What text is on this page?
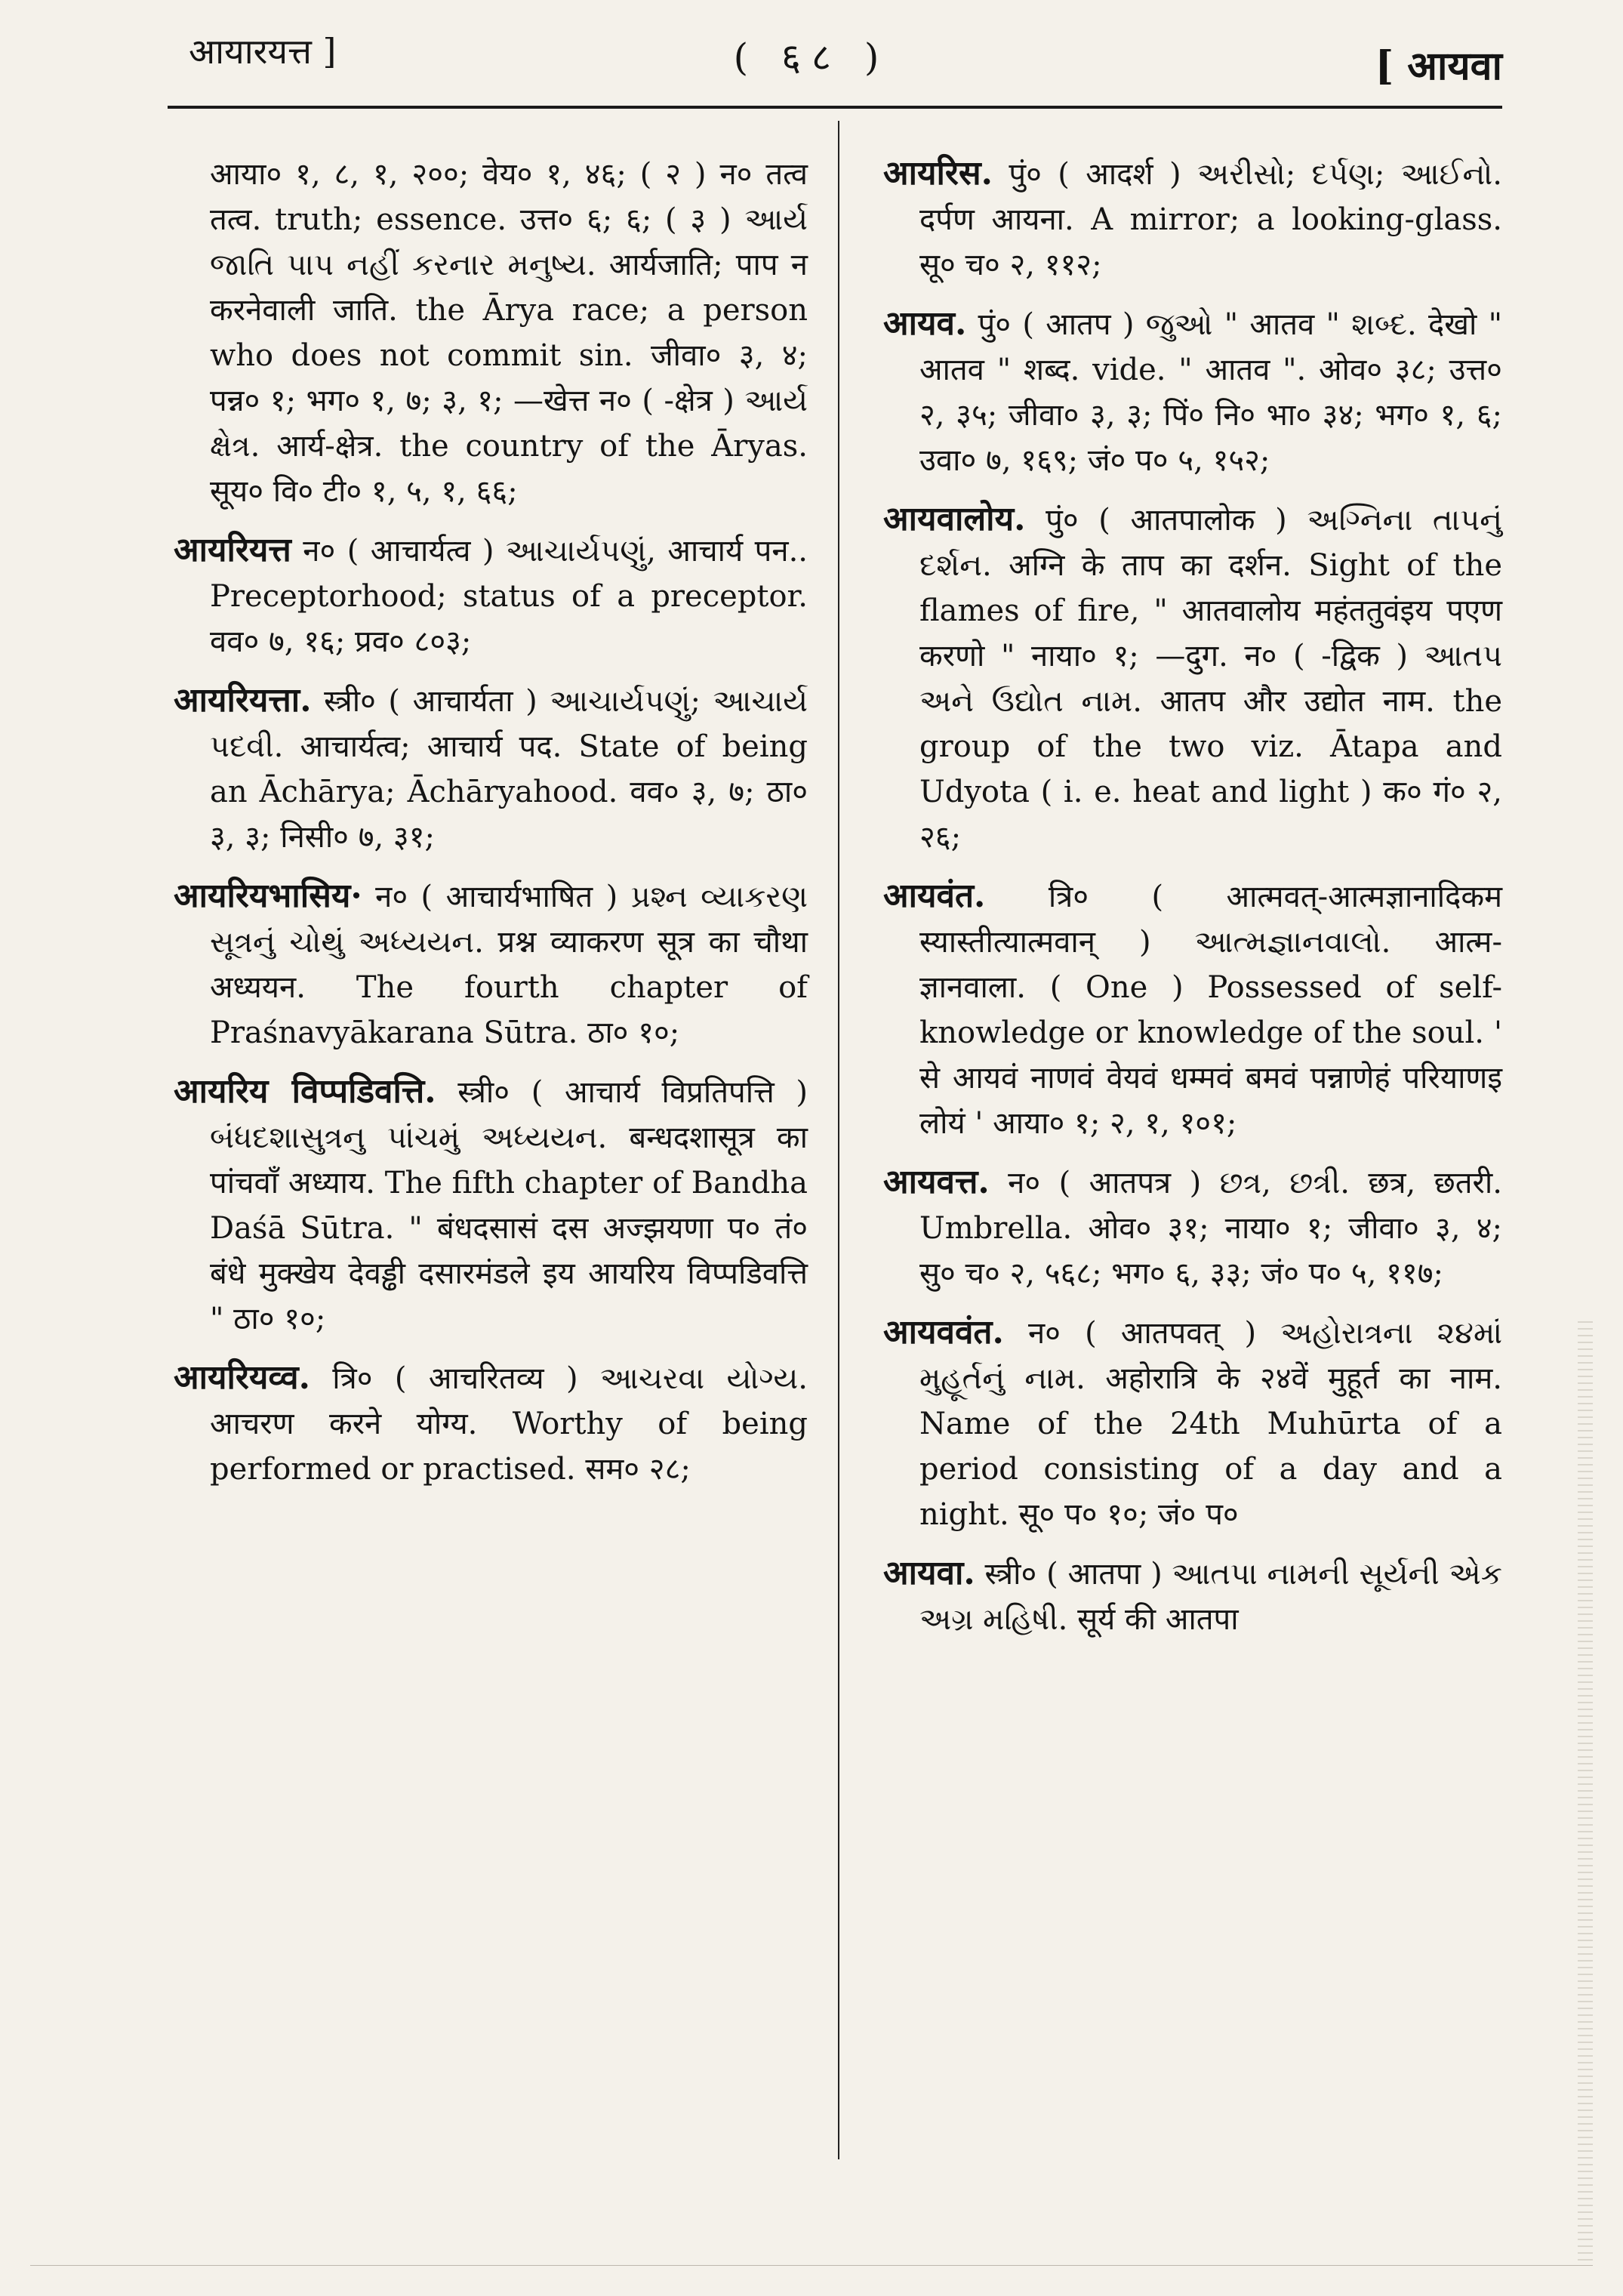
आयारयत्त ]	( ६८ )	[ आयवा

आया० १, ८, १, २००; वेय० १, ४६; ( २ ) न० तत्व तत्व. truth; essence. उत्त० ६; ६; ( ३ ) આર્ય જાતિ પાપ નહીં કરનાર મનુષ્ય. आर्यजाति; पाप न करनेवाली जाति. the Ārya race; a person who does not commit sin. जीवा० ३, ४; पन्न० १; भग० १, ७; ३, १; —खेत्त न० ( -क्षेत्र ) આર્ય ક્ષેત્ર. आर्य-क्षेत्र. the country of the Āryas. सूय० वि० टी० १, ५, १, ६६;

आयरियत्त न० ( आचार्यत्व ) આચાર્યપણું, आचार्य पन.. Preceptorhood; status of a preceptor. वव० ७, १६; प्रव० ८०३;

आयरियत्ता. स्त्री० ( आचार्यता ) આચાર્યપણું; આચાર્ય પદવી. आचार्यत्व; आचार्य पद. State of being an Āchārya; Āchāryahood. वव० ३, ७; ठा० ३, ३; निसी० ७, ३१;

आयरियभासिय· न० ( आचार्यभाषित ) પ્રશ્ન વ્યાકરણ સૂત્રનું ચોથું અધ્યયન. प्रश्न व्याकरण सूत्र का चौथा अध्ययन. The fourth chapter of Praśnavyākarana Sūtra. ठा० १०;

आयरिय विप्पडिवत्ति. स्त्री० ( आचार्य विप्रतिपत्ति ) બંધદશાસુત્રનુ પાંચમું અધ્યયન. बन्धदशासूत्र का पांचवाँ अध्याय. The fifth chapter of Bandha Daśā Sūtra. " बंधदसासं दस अज्झयणा प० तं० बंधे मुक्खेय देवड्ढी दसारमंडले इय आयरिय विप्पडिवत्ति " ठा० १०;

आयरियव्व. त्रि० ( आचरितव्य ) આચરવા યોગ્ય. आचरण करने योग्य. Worthy of being performed or practised. सम० २८;

आयरिस. पुं० ( आदर्श ) અરીસો; દર્પણ; આઈનો. दर्पण आयना. A mirror; a looking-glass. सू० च० २, ११२;

आयव. पुं० ( आतप ) જુઓ " आतव " શબ્દ. देखो " आतव " शब्द. vide. " आतव ". ओव० ३८; उत्त० २, ३५; जीवा० ३, ३; पिं० नि० भा० ३४; भग० १, ६; उवा० ७, १६९; जं० प० ५, १५२;

आयवालोय. पुं० ( आतपालोक ) અગ્નિના તાપનું દર્શન. अग्नि के ताप का दर्शन. Sight of the flames of fire, " आतवालोय महंततुवंइय पएण करणो " नाया० १; —दुग. न० ( -द्विक ) આતપ અને ઉદ્યોત નામ. आतप और उद्योत नाम. the group of the two viz. Ātapa and Udyota ( i. e. heat and light ) क० गं० २, २६;

आयवंत. त्रि० ( आत्मवत्-आत्मज्ञानादिकम स्यास्तीत्यात्मवान् ) આત્મજ્ઞાનવાલો. आत्म-ज्ञानवाला. ( One ) Possessed of self-knowledge or knowledge of the soul. ' से आयवं नाणवं वेयवं धम्मवं बमवं पन्नाणेहं परियाणइ लोयं ' आया० १; २, १, १०१;

आयवत्त. न० ( आतपत्र ) છત્ર, છત્રી. छत्र, छतरी. Umbrella. ओव० ३१; नाया० १; जीवा० ३, ४; सु० च० २, ५६८; भग० ६, ३३; जं० प० ५, ११७;

आयववंत. न० ( आतपवत् ) અહોરાત્રના ૨૪માં મુહૂર્તનું નામ. अहोरात्रि के २४वें मुहूर्त का नाम. Name of the 24th Muhūrta of a period consisting of a day and a night. सू० प० १०; जं० प०

आयवा. स्त्री० ( आतपा ) આતપા નામની સૂર્યની એક અગ્ર મહિષી. सूर्य की आतपा
